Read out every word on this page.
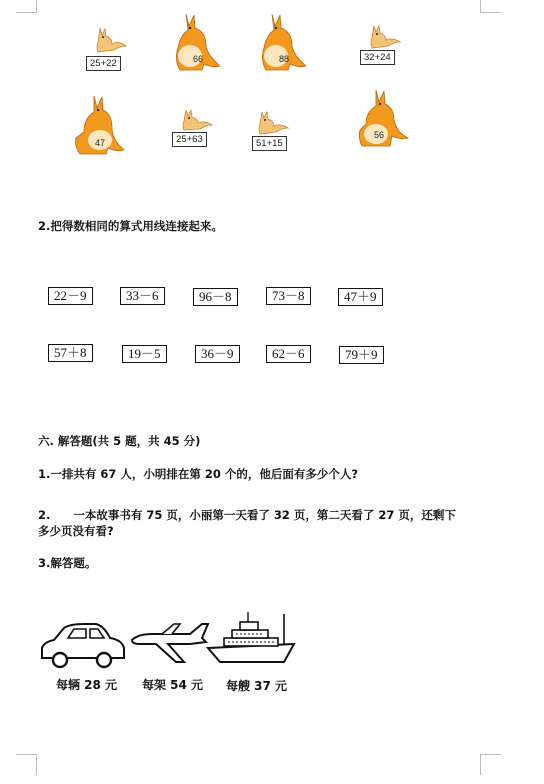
25+22	66	88	32+24
47	25+63	51+15
56
2.把得数相同的算式用线连接起来。
22－9	33－6	96－8	73－8	47＋9
57＋8	19－5	36－9	62－6	79＋9
六. 解答题(共 5 题，共 45 分)
1.一排共有 67 人，小明排在第 20 个的，他后面有多少个人?
2.　　一本故事书有 75 页，小丽第一天看了 32 页，第二天看了 27 页，还剩下
多少页没有看?
3.解答题。
每辆 28 元 每架 54 元 每艘 37 元
